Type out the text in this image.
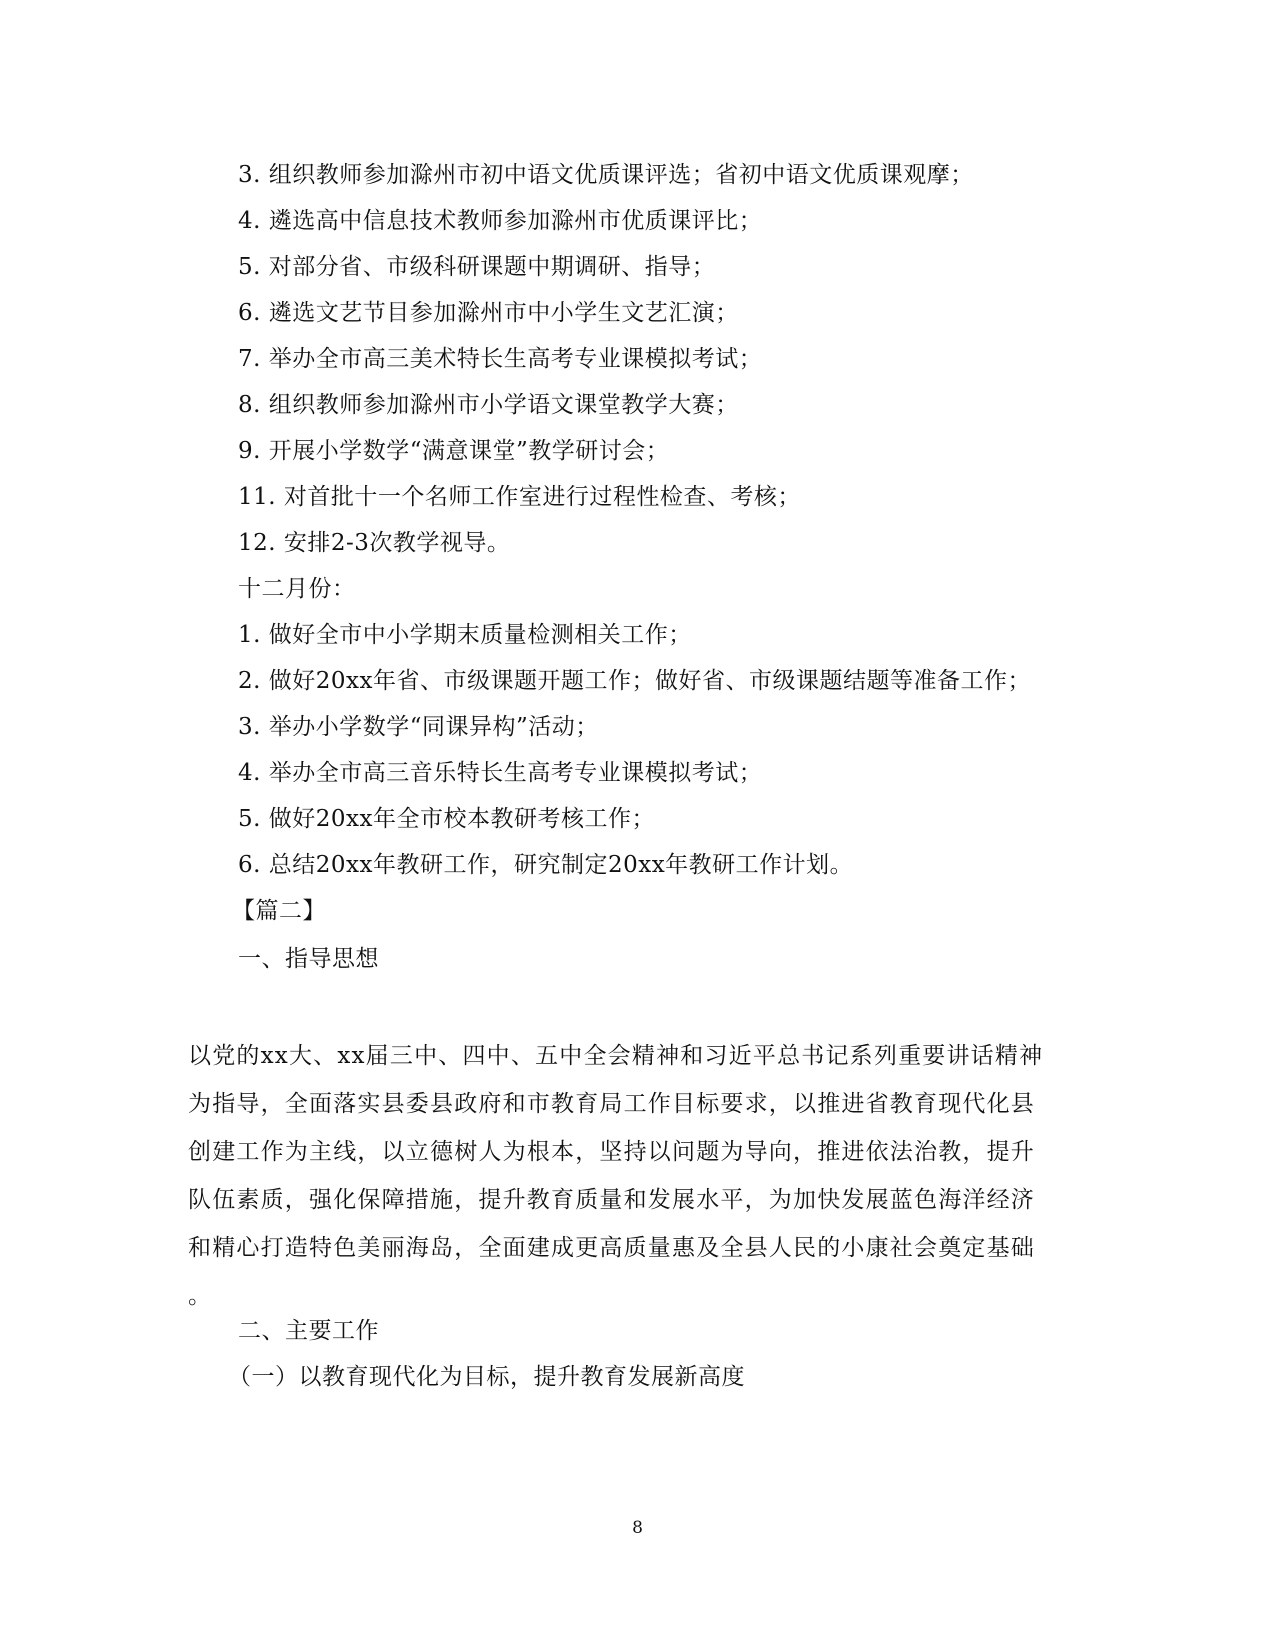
3. 组织教师参加滁州市初中语文优质课评选；省初中语文优质课观摩；
4. 遴选高中信息技术教师参加滁州市优质课评比；
5. 对部分省、市级科研课题中期调研、指导；
6. 遴选文艺节目参加滁州市中小学生文艺汇演；
7. 举办全市高三美术特长生高考专业课模拟考试；
8. 组织教师参加滁州市小学语文课堂教学大赛；
9. 开展小学数学“满意课堂”教学研讨会；
11. 对首批十一个名师工作室进行过程性检查、考核；
12. 安排2-3次教学视导。
十二月份：
1. 做好全市中小学期末质量检测相关工作；
2. 做好20xx年省、市级课题开题工作；做好省、市级课题结题等准备工作；
3. 举办小学数学“同课异构”活动；
4. 举办全市高三音乐特长生高考专业课模拟考试；
5. 做好20xx年全市校本教研考核工作；
6. 总结20xx年教研工作，研究制定20xx年教研工作计划。
【篇二】
一、指导思想
以党的xx大、xx届三中、四中、五中全会精神和习近平总书记系列重要讲话精神
为指导，全面落实县委县政府和市教育局工作目标要求，以推进省教育现代化县
创建工作为主线，以立德树人为根本，坚持以问题为导向，推进依法治教，提升
队伍素质，强化保障措施，提升教育质量和发展水平，为加快发展蓝色海洋经济
和精心打造特色美丽海岛，全面建成更高质量惠及全县人民的小康社会奠定基础
。
二、主要工作
（一）以教育现代化为目标，提升教育发展新高度
8
